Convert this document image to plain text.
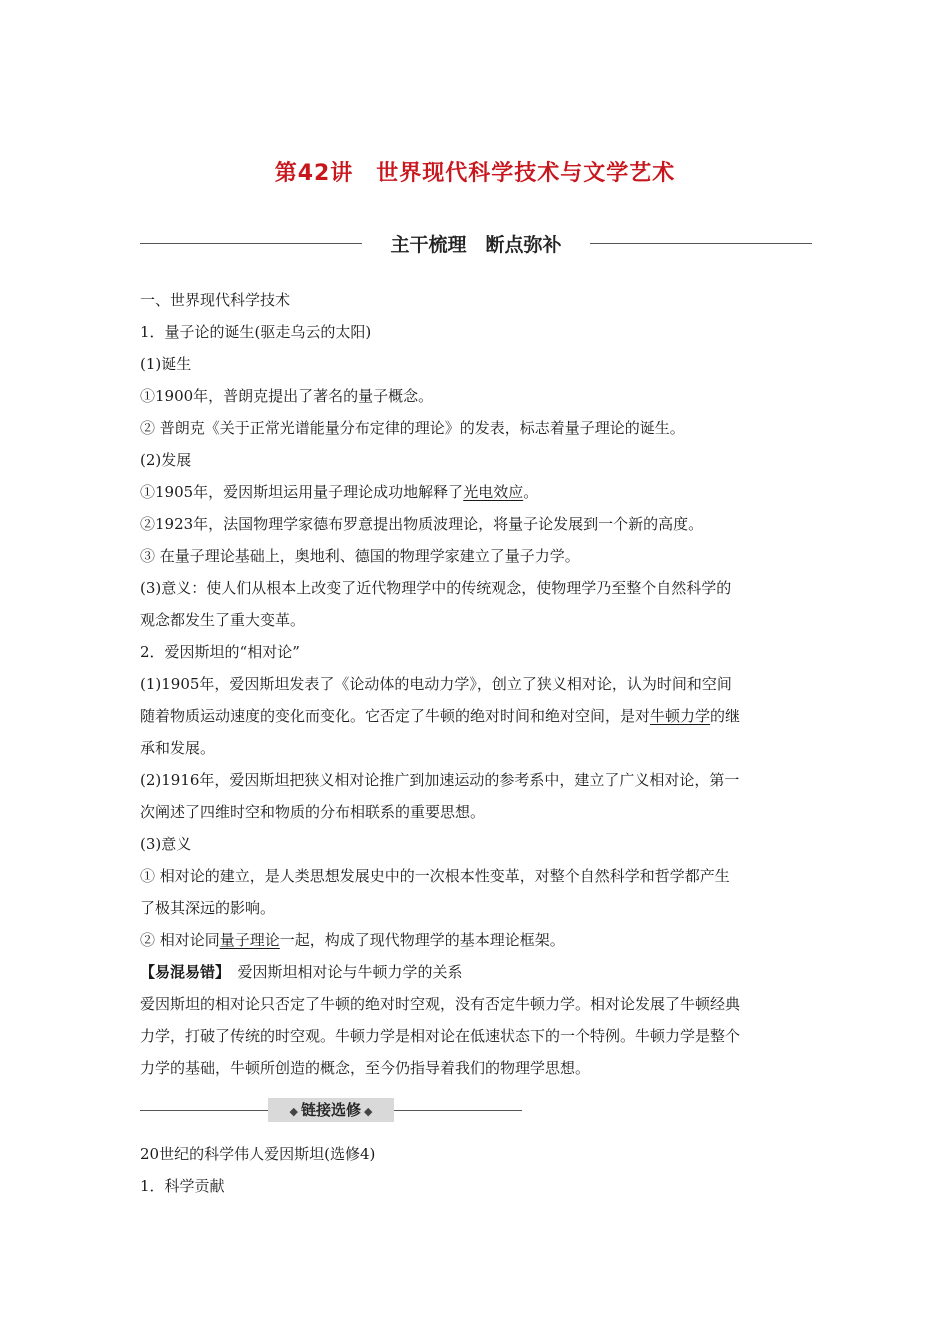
第42讲　世界现代科学技术与文学艺术
主干梳理　断点弥补
一、世界现代科学技术
1．量子论的诞生(驱走乌云的太阳)
(1)诞生
①1900年，普朗克提出了著名的量子概念。
② 普朗克《关于正常光谱能量分布定律的理论》的发表，标志着量子理论的诞生。
(2)发展
①1905年，爱因斯坦运用量子理论成功地解释了光电效应。
②1923年，法国物理学家德布罗意提出物质波理论，将量子论发展到一个新的高度。
③ 在量子理论基础上，奥地利、德国的物理学家建立了量子力学。
(3)意义：使人们从根本上改变了近代物理学中的传统观念，使物理学乃至整个自然科学的
观念都发生了重大变革。
2．爱因斯坦的“相对论”
(1)1905年，爱因斯坦发表了《论动体的电动力学》，创立了狭义相对论，认为时间和空间
随着物质运动速度的变化而变化。它否定了牛顿的绝对时间和绝对空间，是对牛顿力学的继
承和发展。
(2)1916年，爱因斯坦把狭义相对论推广到加速运动的参考系中，建立了广义相对论，第一
次阐述了四维时空和物质的分布相联系的重要思想。
(3)意义
① 相对论的建立，是人类思想发展史中的一次根本性变革，对整个自然科学和哲学都产生
了极其深远的影响。
② 相对论同量子理论一起，构成了现代物理学的基本理论框架。
【易混易错】　爱因斯坦相对论与牛顿力学的关系
爱因斯坦的相对论只否定了牛顿的绝对时空观，没有否定牛顿力学。相对论发展了牛顿经典
力学，打破了传统的时空观。牛顿力学是相对论在低速状态下的一个特例。牛顿力学是整个
力学的基础，牛顿所创造的概念，至今仍指导着我们的物理学思想。
◆ 链接选修 ◆
20世纪的科学伟人爱因斯坦(选修4)
1．科学贡献
